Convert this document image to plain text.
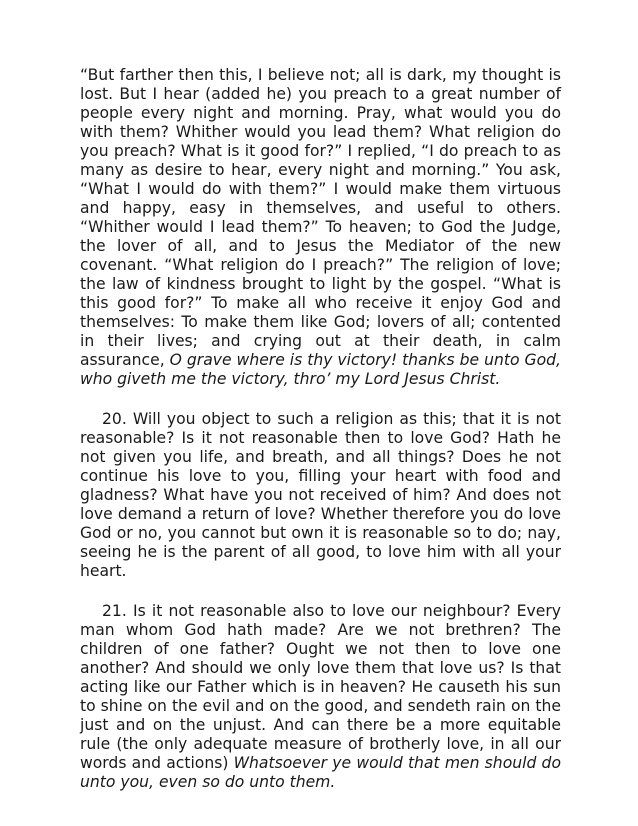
“But farther then this, I believe not; all is dark, my thought is lost. But I hear (added he) you preach to a great number of people every night and morning. Pray, what would you do with them? Whither would you lead them? What religion do you preach? What is it good for?” I replied, “I do preach to as many as desire to hear, every night and morning.” You ask, “What I would do with them?” I would make them virtuous and happy, easy in themselves, and useful to others. “Whither would I lead them?” To heaven; to God the Judge, the lover of all, and to Jesus the Mediator of the new covenant. “What religion do I preach?” The religion of love; the law of kindness brought to light by the gospel. “What is this good for?” To make all who receive it enjoy God and themselves: To make them like God; lovers of all; contented in their lives; and crying out at their death, in calm assurance, O grave where is thy victory! thanks be unto God, who giveth me the victory, thro’ my Lord Jesus Christ.

20. Will you object to such a religion as this; that it is not reasonable? Is it not reasonable then to love God? Hath he not given you life, and breath, and all things? Does he not continue his love to you, filling your heart with food and gladness? What have you not received of him? And does not love demand a return of love? Whether therefore you do love God or no, you cannot but own it is reasonable so to do; nay, seeing he is the parent of all good, to love him with all your heart.

21. Is it not reasonable also to love our neighbour? Every man whom God hath made? Are we not brethren? The children of one father? Ought we not then to love one another? And should we only love them that love us? Is that acting like our Father which is in heaven? He causeth his sun to shine on the evil and on the good, and sendeth rain on the just and on the unjust. And can there be a more equitable rule (the only adequate measure of brotherly love, in all our words and actions) Whatsoever ye would that men should do unto you, even so do unto them.
